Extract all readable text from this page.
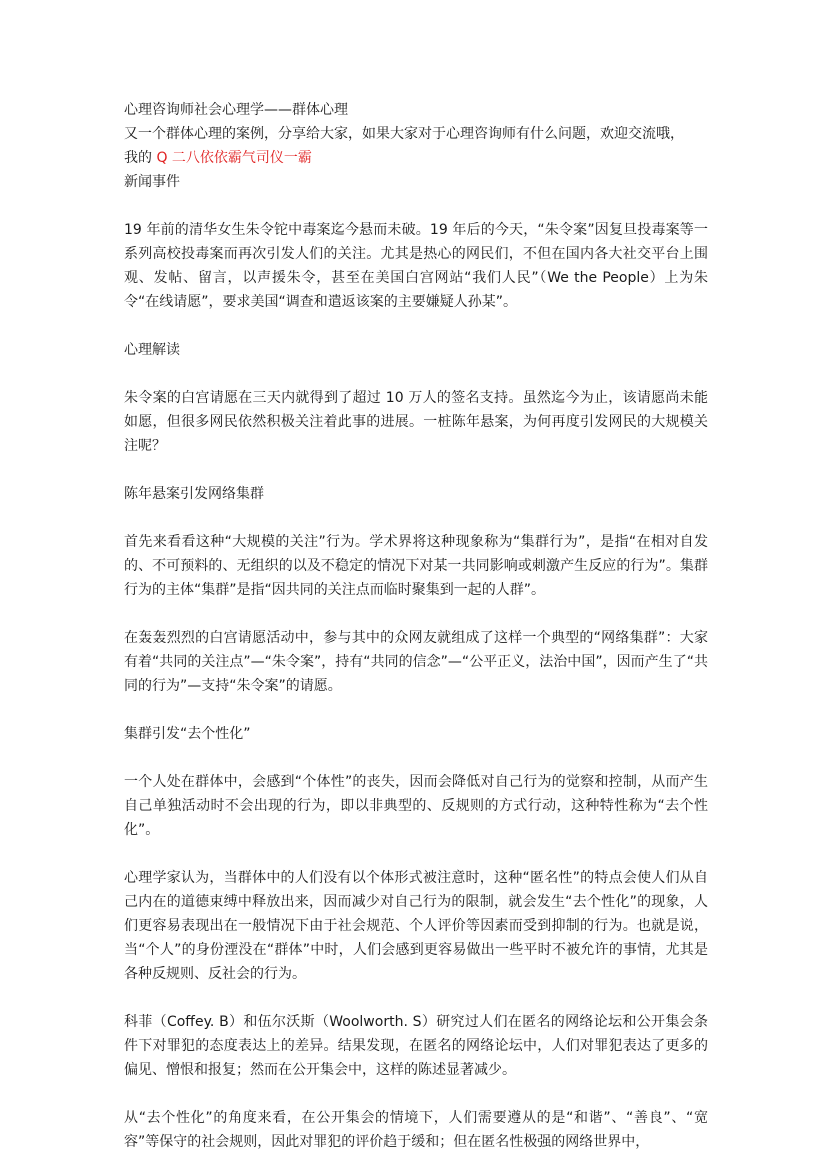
心理咨询师社会心理学——群体心理
又一个群体心理的案例，分享给大家，如果大家对于心理咨询师有什么问题，欢迎交流哦，
我的 Q 二八依依霸气司仪一霸
新闻事件

19 年前的清华女生朱令铊中毒案迄今悬而未破。19 年后的今天，“朱令案”因复旦投毒案等一系列高校投毒案而再次引发人们的关注。尤其是热心的网民们，不但在国内各大社交平台上围观、发帖、留言，以声援朱令，甚至在美国白宫网站“我们人民”（We the People）上为朱令“在线请愿”，要求美国“调查和遣返该案的主要嫌疑人孙某”。

心理解读

朱令案的白宫请愿在三天内就得到了超过 10 万人的签名支持。虽然迄今为止，该请愿尚未能如愿，但很多网民依然积极关注着此事的进展。一桩陈年悬案，为何再度引发网民的大规模关注呢？

陈年悬案引发网络集群

首先来看看这种“大规模的关注”行为。学术界将这种现象称为“集群行为”，是指“在相对自发的、不可预料的、无组织的以及不稳定的情况下对某一共同影响或刺激产生反应的行为”。集群行为的主体“集群”是指“因共同的关注点而临时聚集到一起的人群”。

在轰轰烈烈的白宫请愿活动中，参与其中的众网友就组成了这样一个典型的“网络集群”：大家有着“共同的关注点”—“朱令案”，持有“共同的信念”—“公平正义，法治中国”，因而产生了“共同的行为”—支持“朱令案”的请愿。

集群引发“去个性化”

一个人处在群体中，会感到“个体性”的丧失，因而会降低对自己行为的觉察和控制，从而产生自己单独活动时不会出现的行为，即以非典型的、反规则的方式行动，这种特性称为“去个性化”。

心理学家认为，当群体中的人们没有以个体形式被注意时，这种“匿名性”的特点会使人们从自己内在的道德束缚中释放出来，因而减少对自己行为的限制，就会发生“去个性化”的现象，人们更容易表现出在一般情况下由于社会规范、个人评价等因素而受到抑制的行为。也就是说，当“个人”的身份湮没在“群体”中时，人们会感到更容易做出一些平时不被允许的事情，尤其是各种反规则、反社会的行为。

科菲（Coffey. B）和伍尔沃斯（Woolworth. S）研究过人们在匿名的网络论坛和公开集会条件下对罪犯的态度表达上的差异。结果发现，在匿名的网络论坛中，人们对罪犯表达了更多的偏见、憎恨和报复；然而在公开集会中，这样的陈述显著减少。

从“去个性化”的角度来看，在公开集会的情境下，人们需要遵从的是“和谐”、“善良”、“宽容”等保守的社会规则，因此对罪犯的评价趋于缓和；但在匿名性极强的网络世界中，
